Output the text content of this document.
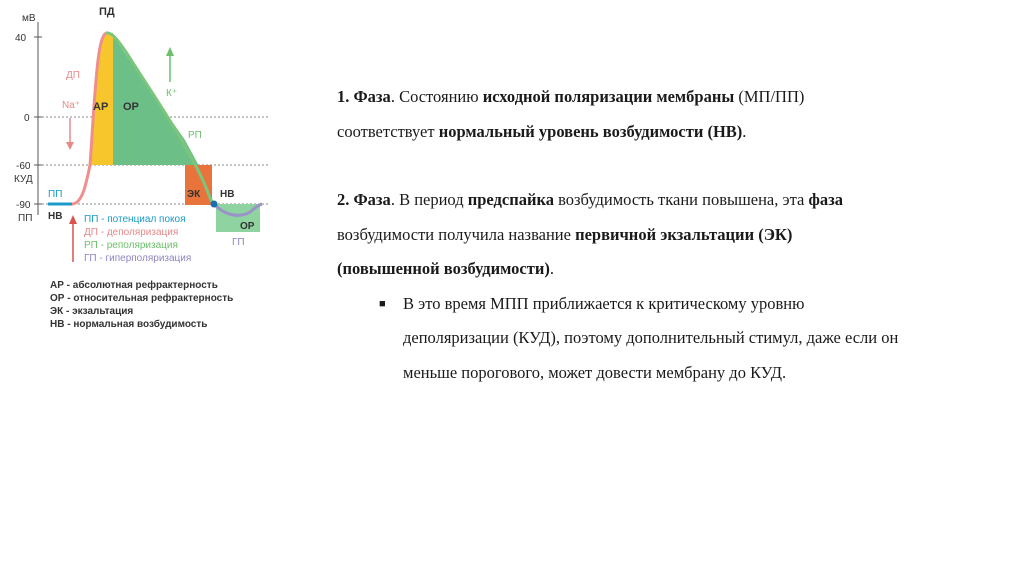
мВ
ПД
40
0
-60
КУД
-90
ПП
ДП
Na⁺ АР ОР
К⁺
РП
ЭК НВ
ОР
ГП
ПП
НВ ПП - потенциал покоя
ДП - деполяризация
РП - реполяризация
ГП - гиперполяризация
АР - абсолютная рефрактерность
ОР - относительная рефрактерность
ЭК - экзальтация
НВ - нормальная возбудимость

1. Фаза. Состоянию исходной поляризации мембраны (МП/ПП)

соответствует нормальный уровень возбудимости (НВ).

2. Фаза. В период предспайка возбудимость ткани повышена, эта фаза

возбудимости получила название первичной экзальтации (ЭК)

(повышенной возбудимости).

■ В это время МПП приближается к критическому уровню

деполяризации (КУД), поэтому дополнительный стимул, даже если он

меньше порогового, может довести мембрану до КУД.
